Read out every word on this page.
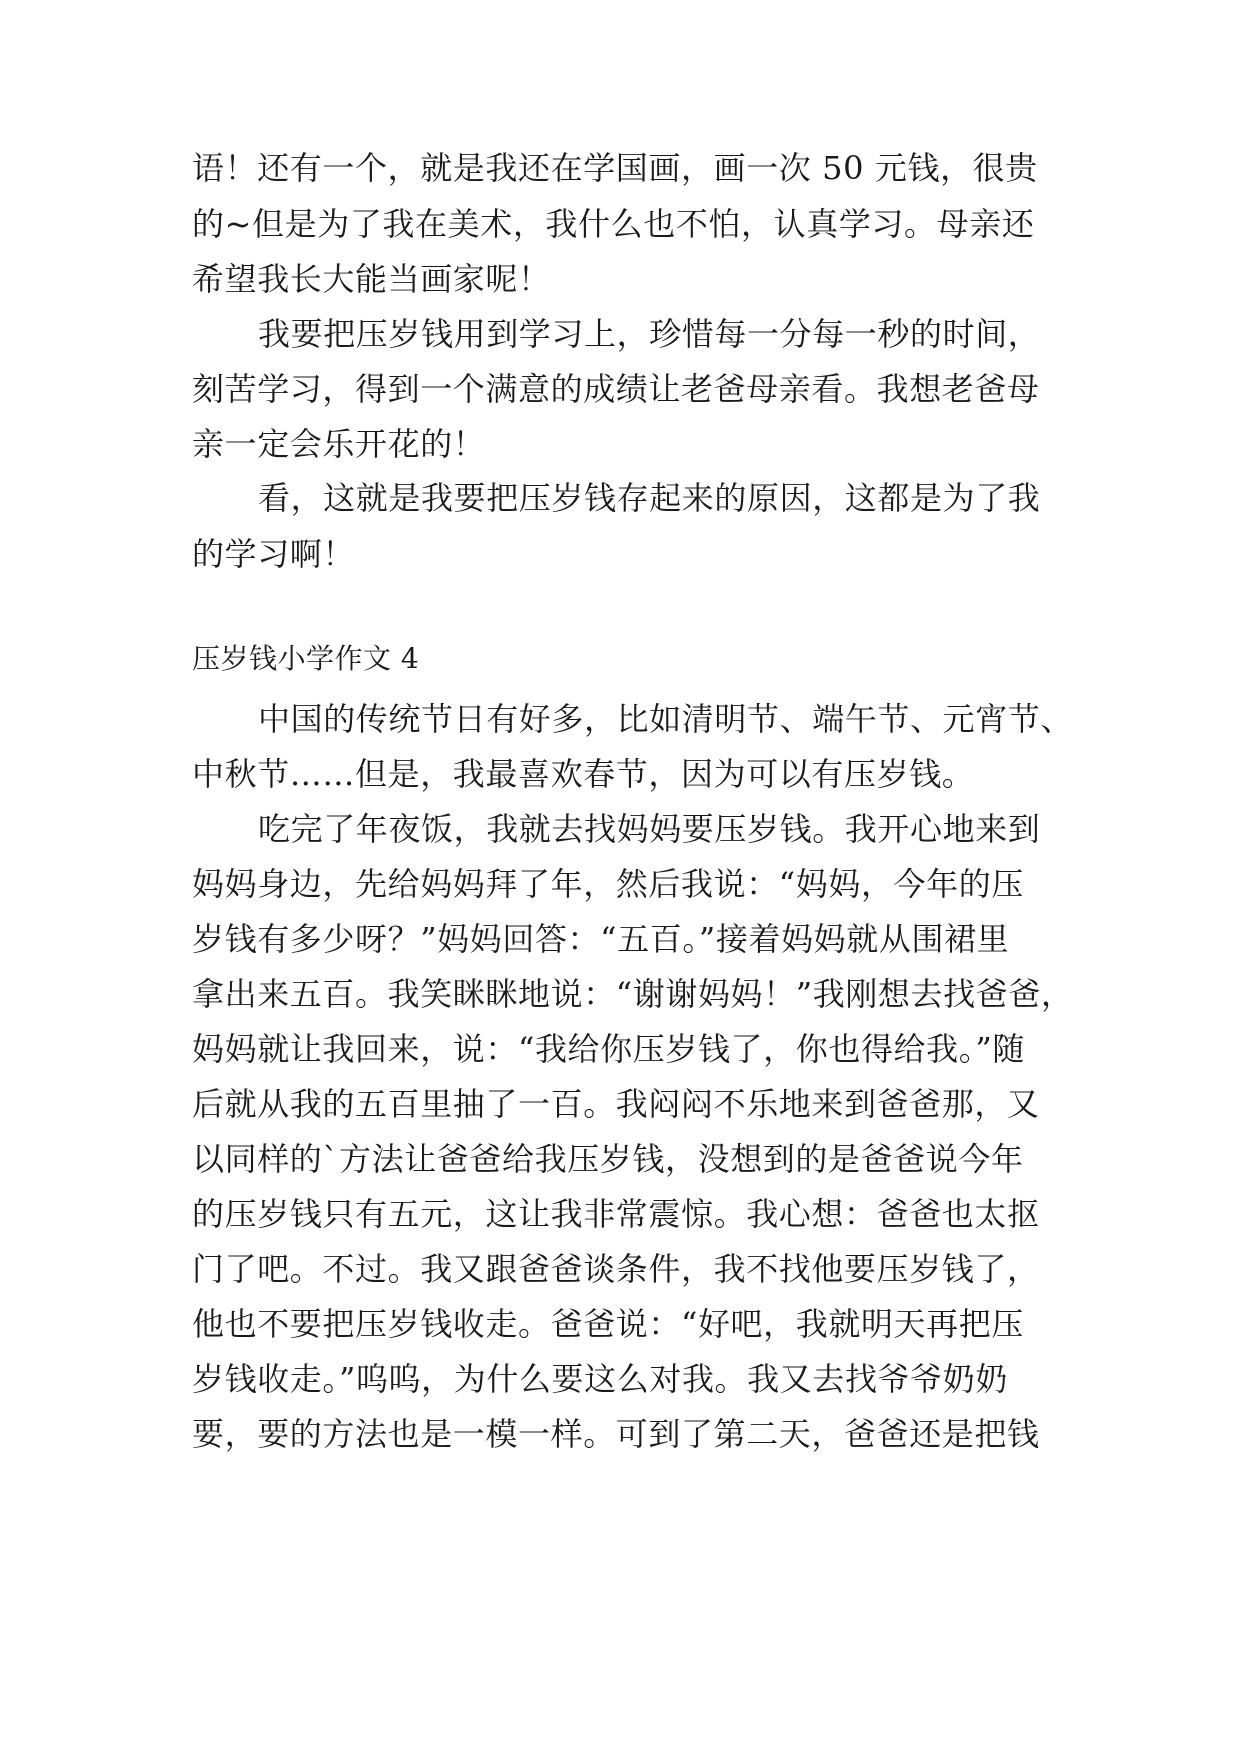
语！还有一个，就是我还在学国画，画一次 50 元钱，很贵
的~但是为了我在美术，我什么也不怕，认真学习。母亲还
希望我长大能当画家呢！
我要把压岁钱用到学习上，珍惜每一分每一秒的时间，
刻苦学习，得到一个满意的成绩让老爸母亲看。我想老爸母
亲一定会乐开花的！
看，这就是我要把压岁钱存起来的原因，这都是为了我
的学习啊！
压岁钱小学作文 4
中国的传统节日有好多，比如清明节、端午节、元宵节、
中秋节……但是，我最喜欢春节，因为可以有压岁钱。
吃完了年夜饭，我就去找妈妈要压岁钱。我开心地来到
妈妈身边，先给妈妈拜了年，然后我说：“妈妈，今年的压
岁钱有多少呀？”妈妈回答：“五百。”接着妈妈就从围裙里
拿出来五百。我笑眯眯地说：“谢谢妈妈！”我刚想去找爸爸，
妈妈就让我回来，说：“我给你压岁钱了，你也得给我。”随
后就从我的五百里抽了一百。我闷闷不乐地来到爸爸那，又
以同样的`方法让爸爸给我压岁钱，没想到的是爸爸说今年
的压岁钱只有五元，这让我非常震惊。我心想：爸爸也太抠
门了吧。不过。我又跟爸爸谈条件，我不找他要压岁钱了，
他也不要把压岁钱收走。爸爸说：“好吧，我就明天再把压
岁钱收走。”呜呜，为什么要这么对我。我又去找爷爷奶奶
要，要的方法也是一模一样。可到了第二天，爸爸还是把钱
